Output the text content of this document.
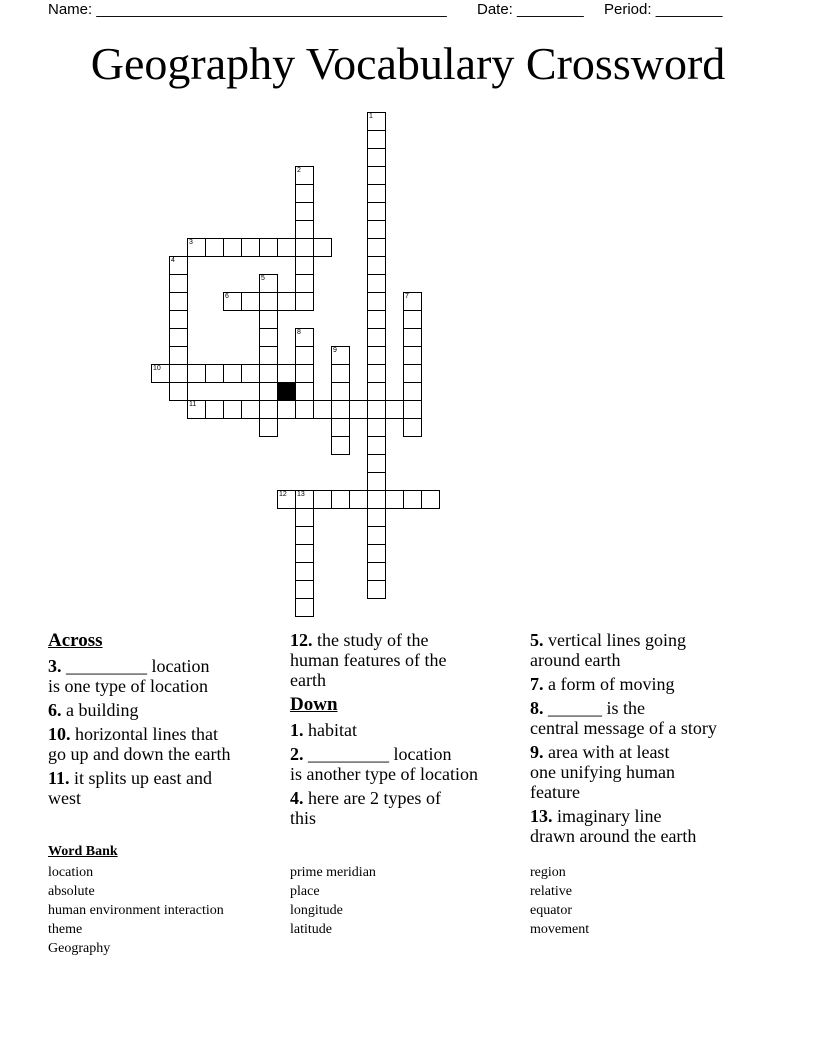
Name: __________________________________________ Date: ________ Period: ________
Geography Vocabulary Crossword
1
2
3
4
5
6	7
8
9
10
11
12 13
Across
3. _________ location
is one type of location
6. a building
10. horizontal lines that
go up and down the earth
11. it splits up east and
west
12. the study of the
human features of the
earth
Down
1. habitat
2. _________ location
is another type of location
4. here are 2 types of
this
5. vertical lines going
around earth
7. a form of moving
8. ______ is the
central message of a story
9. area with at least
one unifying human
feature
13. imaginary line
drawn around the earth
Word Bank
location
absolute
human environment interaction
theme
Geography
prime meridian
place
longitude
latitude
region
relative
equator
movement
